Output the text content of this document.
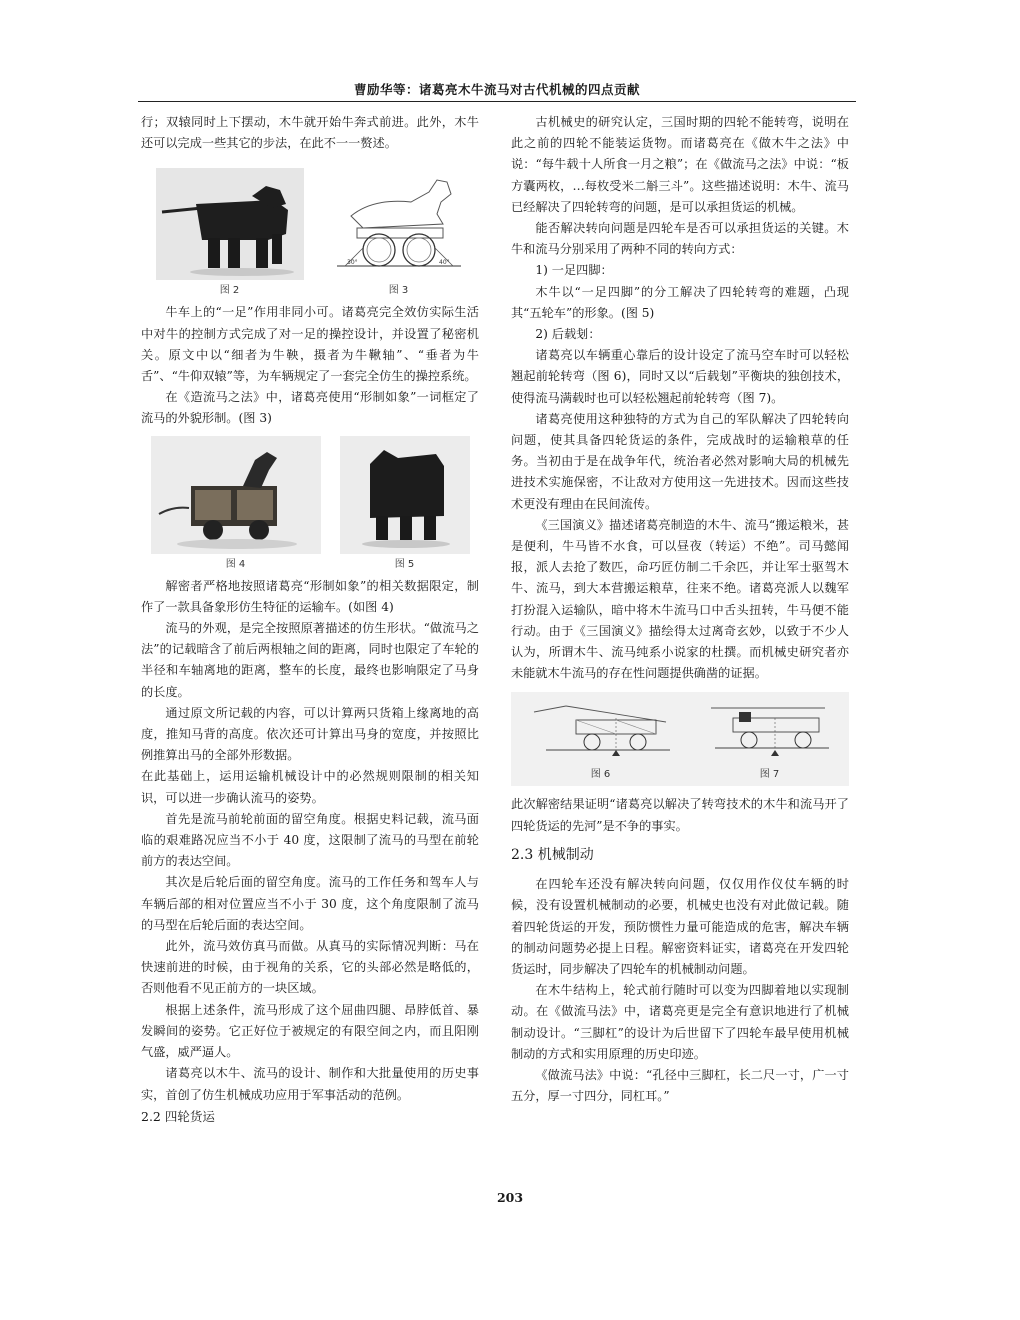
曹励华等：诸葛亮木牛流马对古代机械的四点贡献

行；双辕同时上下摆动，木牛就开始牛奔式前进。此外，木牛还可以完成一些其它的步法，在此不一一赘述。

图 2
30°	40°
图 3

牛车上的“一足”作用非同小可。诸葛亮完全效仿实际生活中对牛的控制方式完成了对一足的操控设计，并设置了秘密机关。原文中以“细者为牛鞅，摄者为牛鞦轴”、“垂者为牛舌”、“牛仰双辕”等，为车辆规定了一套完全仿生的操控系统。

在《造流马之法》中，诸葛亮使用“形制如象”一词框定了流马的外貌形制。(图 3)

图 4	图 5

解密者严格地按照诸葛亮“形制如象”的相关数据限定，制作了一款具备象形仿生特征的运输车。(如图 4)

流马的外观，是完全按照原著描述的仿生形状。“做流马之法”的记载暗含了前后两根轴之间的距离，同时也限定了车轮的半径和车轴离地的距离，整车的长度，最终也影响限定了马身的长度。

通过原文所记载的内容，可以计算两只货箱上缘离地的高度，推知马背的高度。依次还可计算出马身的宽度，并按照比例推算出马的全部外形数据。

在此基础上，运用运输机械设计中的必然规则限制的相关知识，可以进一步确认流马的姿势。

首先是流马前轮前面的留空角度。根据史料记载，流马面临的艰难路况应当不小于 40 度，这限制了流马的马型在前轮前方的表达空间。

其次是后轮后面的留空角度。流马的工作任务和驾车人与车辆后部的相对位置应当不小于 30 度，这个角度限制了流马的马型在后轮后面的表达空间。

此外，流马效仿真马而做。从真马的实际情况判断：马在快速前进的时候，由于视角的关系，它的头部必然是略低的，否则他看不见正前方的一块区域。

根据上述条件，流马形成了这个屈曲四腿、昂脖低首、暴发瞬间的姿势。它正好位于被规定的有限空间之内，而且阳刚气盛，威严逼人。

诸葛亮以木牛、流马的设计、制作和大批量使用的历史事实，首创了仿生机械成功应用于军事活动的范例。

2.2 四轮货运

古机械史的研究认定，三国时期的四轮不能转弯，说明在此之前的四轮不能装运货物。而诸葛亮在《做木牛之法》中说：“每牛载十人所食一月之粮”；在《做流马之法》中说：“板方囊两枚，…每枚受米二斛三斗”。这些描述说明：木牛、流马已经解决了四轮转弯的问题，是可以承担货运的机械。

能否解决转向问题是四轮车是否可以承担货运的关键。木牛和流马分别采用了两种不同的转向方式：

1) 一足四脚：

木牛以“一足四脚”的分工解决了四轮转弯的难题，凸现其“五轮车”的形象。(图 5)

2) 后载刬：

诸葛亮以车辆重心靠后的设计设定了流马空车时可以轻松翘起前轮转弯（图 6)，同时又以“后载刬”平衡块的独创技术，使得流马满载时也可以轻松翘起前轮转弯（图 7)。

诸葛亮使用这种独特的方式为自己的军队解决了四轮转向问题，使其具备四轮货运的条件，完成战时的运输粮草的任务。当初由于是在战争年代，统治者必然对影响大局的机械先进技术实施保密，不让敌对方使用这一先进技术。因而这些技术更没有理由在民间流传。

《三国演义》描述诸葛亮制造的木牛、流马“搬运粮米，甚是便利，牛马皆不水食，可以昼夜（转运）不绝”。司马懿闻报，派人去抢了数匹，命巧匠仿制二千余匹，并让军士驱驾木牛、流马，到大本营搬运粮草，往来不绝。诸葛亮派人以魏军打扮混入运输队，暗中将木牛流马口中舌头扭转，牛马便不能行动。由于《三国演义》描绘得太过离奇玄妙，以致于不少人认为，所谓木牛、流马纯系小说家的杜撰。而机械史研究者亦未能就木牛流马的存在性问题提供确凿的证据。

图 6	图 7

此次解密结果证明“诸葛亮以解决了转弯技术的木牛和流马开了四轮货运的先河”是不争的事实。

2.3 机械制动

在四轮车还没有解决转向问题，仅仅用作仪仗车辆的时候，没有设置机械制动的必要，机械史也没有对此做记载。随着四轮货运的开发，预防惯性力量可能造成的危害，解决车辆的制动问题势必提上日程。解密资料证实，诸葛亮在开发四轮货运时，同步解决了四轮车的机械制动问题。

在木牛结构上，轮式前行随时可以变为四脚着地以实现制动。在《做流马法》中，诸葛亮更是完全有意识地进行了机械制动设计。“三脚杠”的设计为后世留下了四轮车最早使用机械制动的方式和实用原理的历史印迹。

《做流马法》中说：“孔径中三脚杠，长二尺一寸，广一寸五分，厚一寸四分，同杠耳。”

203
